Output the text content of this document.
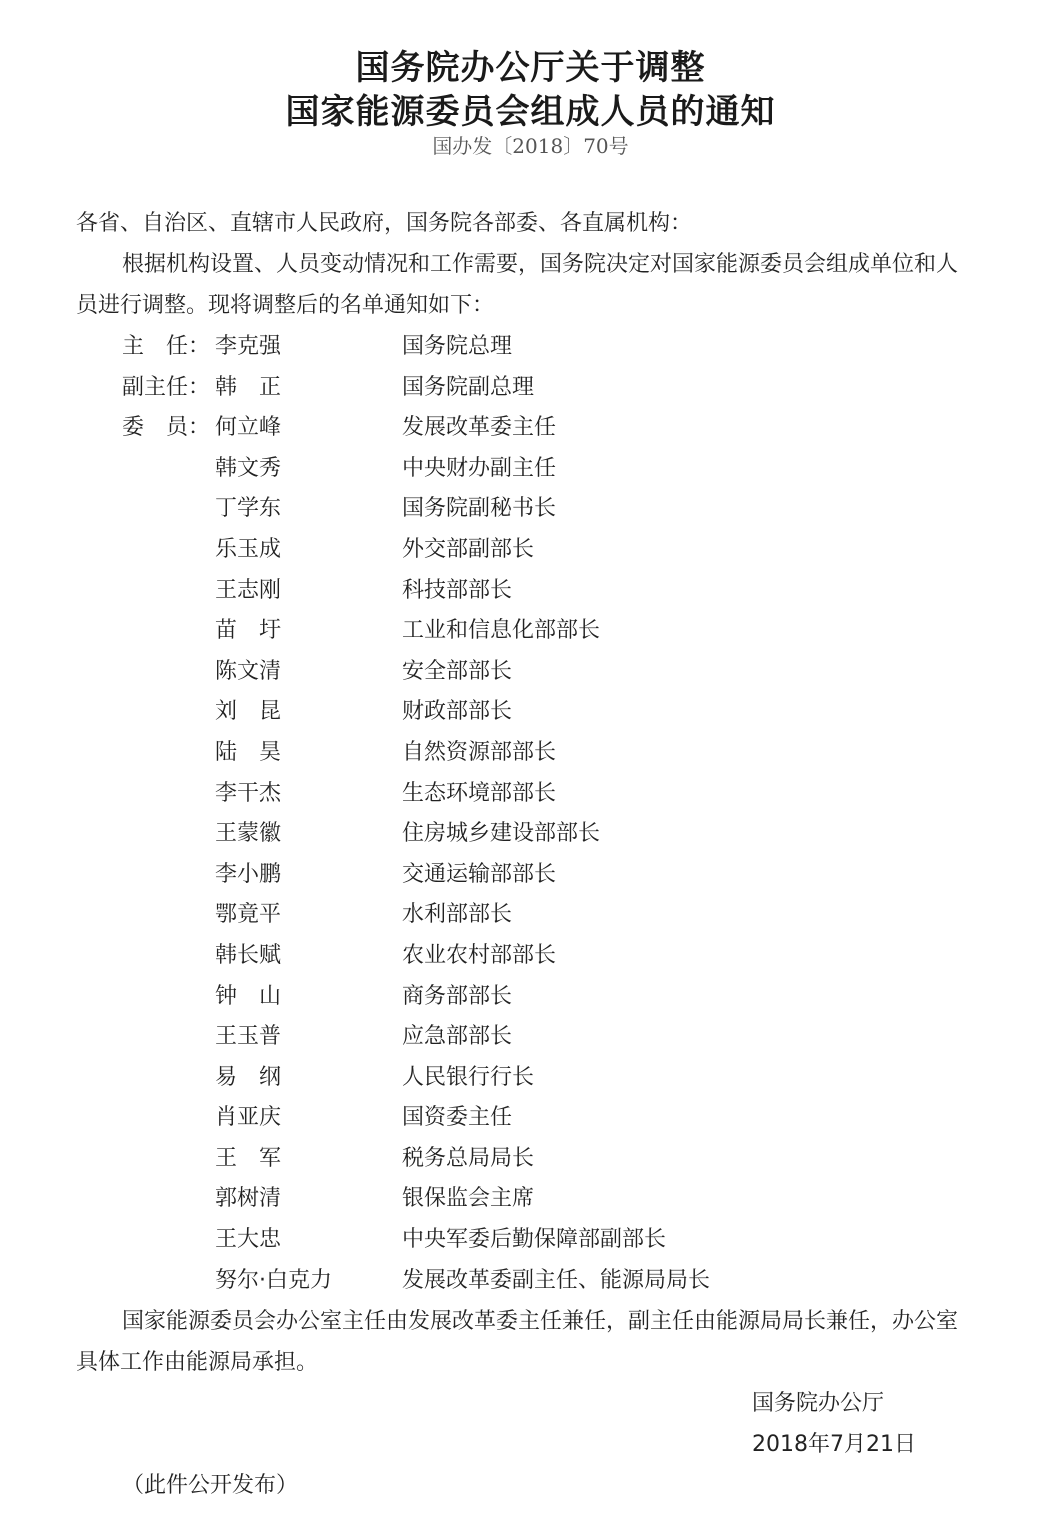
国务院办公厅关于调整
国家能源委员会组成人员的通知
国办发〔2018〕70号
各省、自治区、直辖市人民政府，国务院各部委、各直属机构：
根据机构设置、人员变动情况和工作需要，国务院决定对国家能源委员会组成单位和人
员进行调整。现将调整后的名单通知如下：
主　任： 李克强	国务院总理
副主任： 韩　正	国务院副总理
委　员： 何立峰	发展改革委主任
韩文秀	中央财办副主任
丁学东	国务院副秘书长
乐玉成	外交部副部长
王志刚	科技部部长
苗　圩	工业和信息化部部长
陈文清	安全部部长
刘　昆	财政部部长
陆　昊	自然资源部部长
李干杰	生态环境部部长
王蒙徽	住房城乡建设部部长
李小鹏	交通运输部部长
鄂竟平	水利部部长
韩长赋	农业农村部部长
钟　山	商务部部长
王玉普	应急部部长
易　纲	人民银行行长
肖亚庆	国资委主任
王　军	税务总局局长
郭树清	银保监会主席
王大忠	中央军委后勤保障部副部长
努尔·白克力	发展改革委副主任、能源局局长
国家能源委员会办公室主任由发展改革委主任兼任，副主任由能源局局长兼任，办公室
具体工作由能源局承担。
国务院办公厅
2018年7月21日
（此件公开发布）
